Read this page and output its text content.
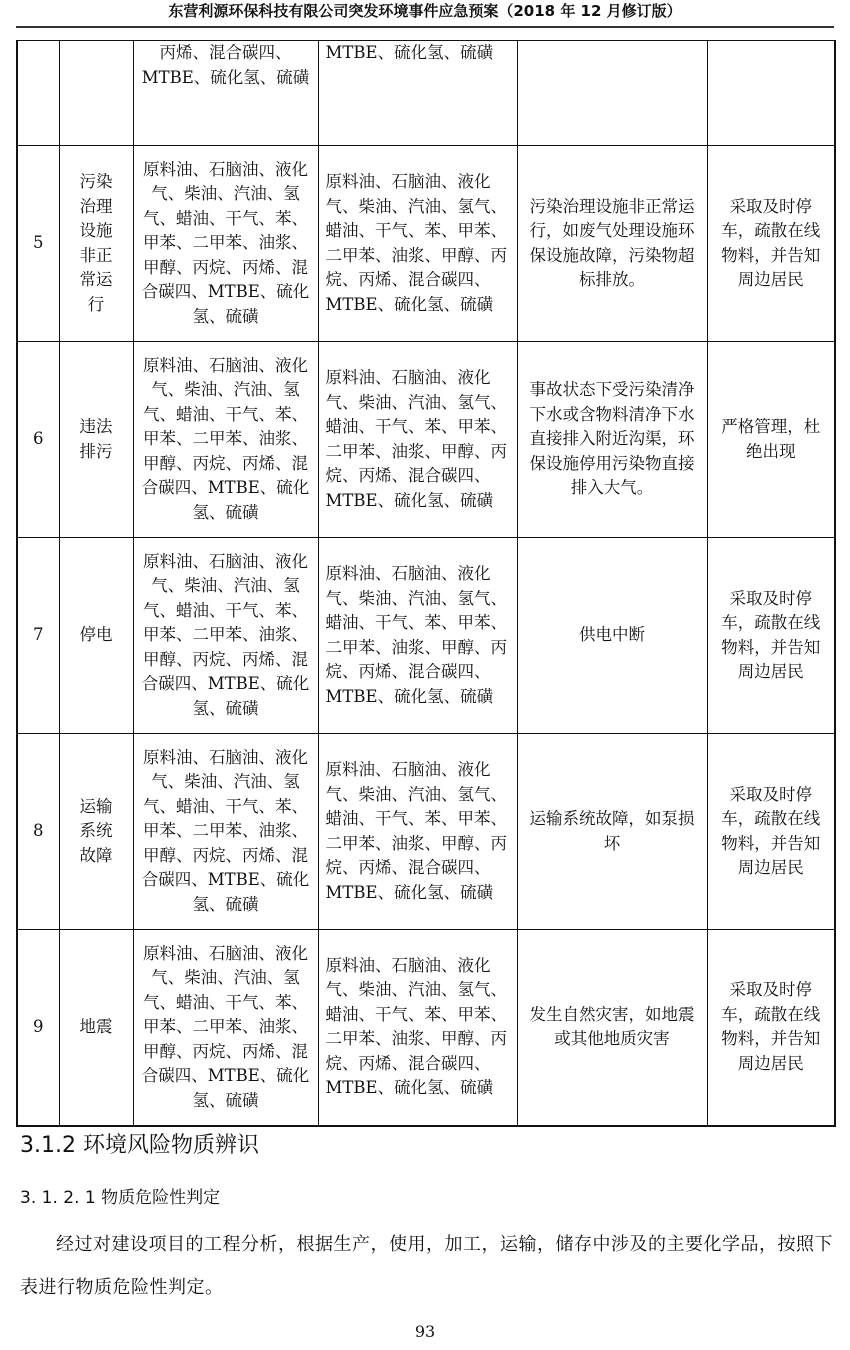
东营利源环保科技有限公司突发环境事件应急预案（2018 年 12 月修订版）
		丙烯、混合碳四、MTBE、硫化氢、硫磺	MTBE、硫化氢、硫磺		
5	污染治理设施非正常运行	原料油、石脑油、液化气、柴油、汽油、氢气、蜡油、干气、苯、甲苯、二甲苯、油浆、甲醇、丙烷、丙烯、混合碳四、MTBE、硫化氢、硫磺	原料油、石脑油、液化气、柴油、汽油、氢气、蜡油、干气、苯、甲苯、二甲苯、油浆、甲醇、丙烷、丙烯、混合碳四、MTBE、硫化氢、硫磺	污染治理设施非正常运行，如废气处理设施环保设施故障，污染物超标排放。	采取及时停车，疏散在线物料，并告知周边居民
6	违法排污	原料油、石脑油、液化气、柴油、汽油、氢气、蜡油、干气、苯、甲苯、二甲苯、油浆、甲醇、丙烷、丙烯、混合碳四、MTBE、硫化氢、硫磺	原料油、石脑油、液化气、柴油、汽油、氢气、蜡油、干气、苯、甲苯、二甲苯、油浆、甲醇、丙烷、丙烯、混合碳四、MTBE、硫化氢、硫磺	事故状态下受污染清净下水或含物料清净下水直接排入附近沟渠，环保设施停用污染物直接排入大气。	严格管理，杜绝出现
7	停电	原料油、石脑油、液化气、柴油、汽油、氢气、蜡油、干气、苯、甲苯、二甲苯、油浆、甲醇、丙烷、丙烯、混合碳四、MTBE、硫化氢、硫磺	原料油、石脑油、液化气、柴油、汽油、氢气、蜡油、干气、苯、甲苯、二甲苯、油浆、甲醇、丙烷、丙烯、混合碳四、MTBE、硫化氢、硫磺	供电中断	采取及时停车，疏散在线物料，并告知周边居民
8	运输系统故障	原料油、石脑油、液化气、柴油、汽油、氢气、蜡油、干气、苯、甲苯、二甲苯、油浆、甲醇、丙烷、丙烯、混合碳四、MTBE、硫化氢、硫磺	原料油、石脑油、液化气、柴油、汽油、氢气、蜡油、干气、苯、甲苯、二甲苯、油浆、甲醇、丙烷、丙烯、混合碳四、MTBE、硫化氢、硫磺	运输系统故障，如泵损坏	采取及时停车，疏散在线物料，并告知周边居民
9	地震	原料油、石脑油、液化气、柴油、汽油、氢气、蜡油、干气、苯、甲苯、二甲苯、油浆、甲醇、丙烷、丙烯、混合碳四、MTBE、硫化氢、硫磺	原料油、石脑油、液化气、柴油、汽油、氢气、蜡油、干气、苯、甲苯、二甲苯、油浆、甲醇、丙烷、丙烯、混合碳四、MTBE、硫化氢、硫磺	发生自然灾害，如地震或其他地质灾害	采取及时停车，疏散在线物料，并告知周边居民
3.1.2 环境风险物质辨识
3. 1. 2. 1 物质危险性判定
经过对建设项目的工程分析，根据生产，使用，加工，运输，储存中涉及的主要化学品，按照下表进行物质危险性判定。
93
